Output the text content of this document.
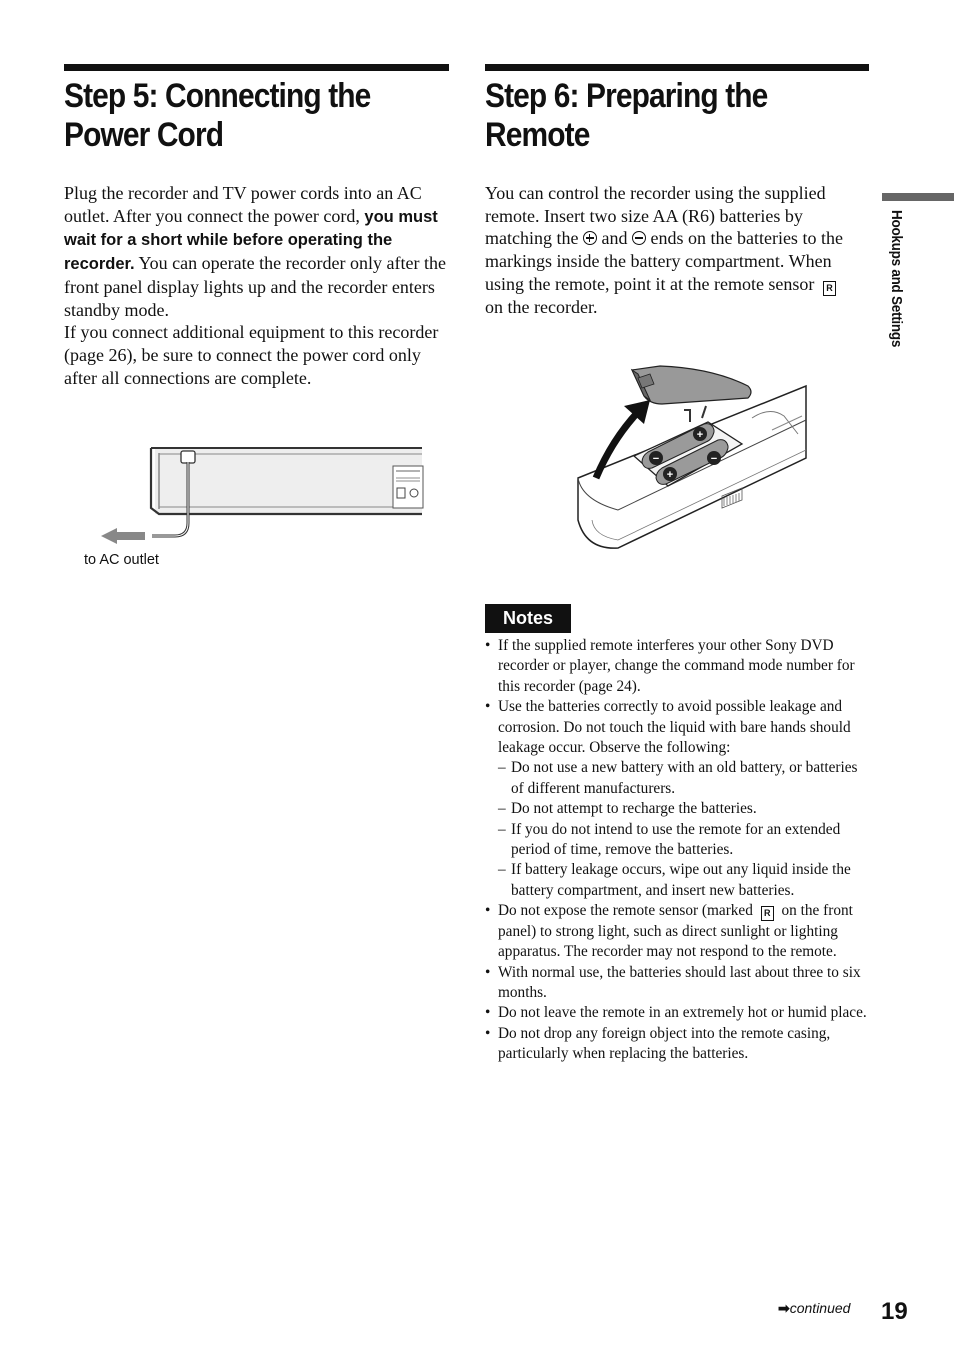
Step 5: Connecting the
Power Cord

Plug the recorder and TV power cords into an AC outlet. After you connect the power cord, you must wait for a short while before operating the recorder. You can operate the recorder only after the front panel display lights up and the recorder enters standby mode.

If you connect additional equipment to this recorder (page 26), be sure to connect the power cord only after all connections are complete.

to AC outlet
Step 6: Preparing the
Remote

You can control the recorder using the supplied remote. Insert two size AA (R6) batteries by matching the  and  ends on the batteries to the markings inside the battery compartment. When using the remote, point it at the remote sensor R
on the recorder.

+
−	−
+
Notes
• If the supplied remote interferes your other Sony DVD recorder or player, change the command mode number for this recorder (page 24).
• Use the batteries correctly to avoid possible leakage and corrosion. Do not touch the liquid with bare hands should leakage occur. Observe the following:
– Do not use a new battery with an old battery, or batteries of different manufacturers.
– Do not attempt to recharge the batteries.
– If you do not intend to use the remote for an extended period of time, remove the batteries.
– If battery leakage occurs, wipe out any liquid inside the battery compartment, and insert new batteries.
• Do not expose the remote sensor (marked R on the front panel) to strong light, such as direct sunlight or lighting apparatus. The recorder may not respond to the remote.
• With normal use, the batteries should last about three to six months.
• Do not leave the remote in an extremely hot or humid place.
• Do not drop any foreign object into the remote casing, particularly when replacing the batteries.
Hookups and Settings
➡continued 19
